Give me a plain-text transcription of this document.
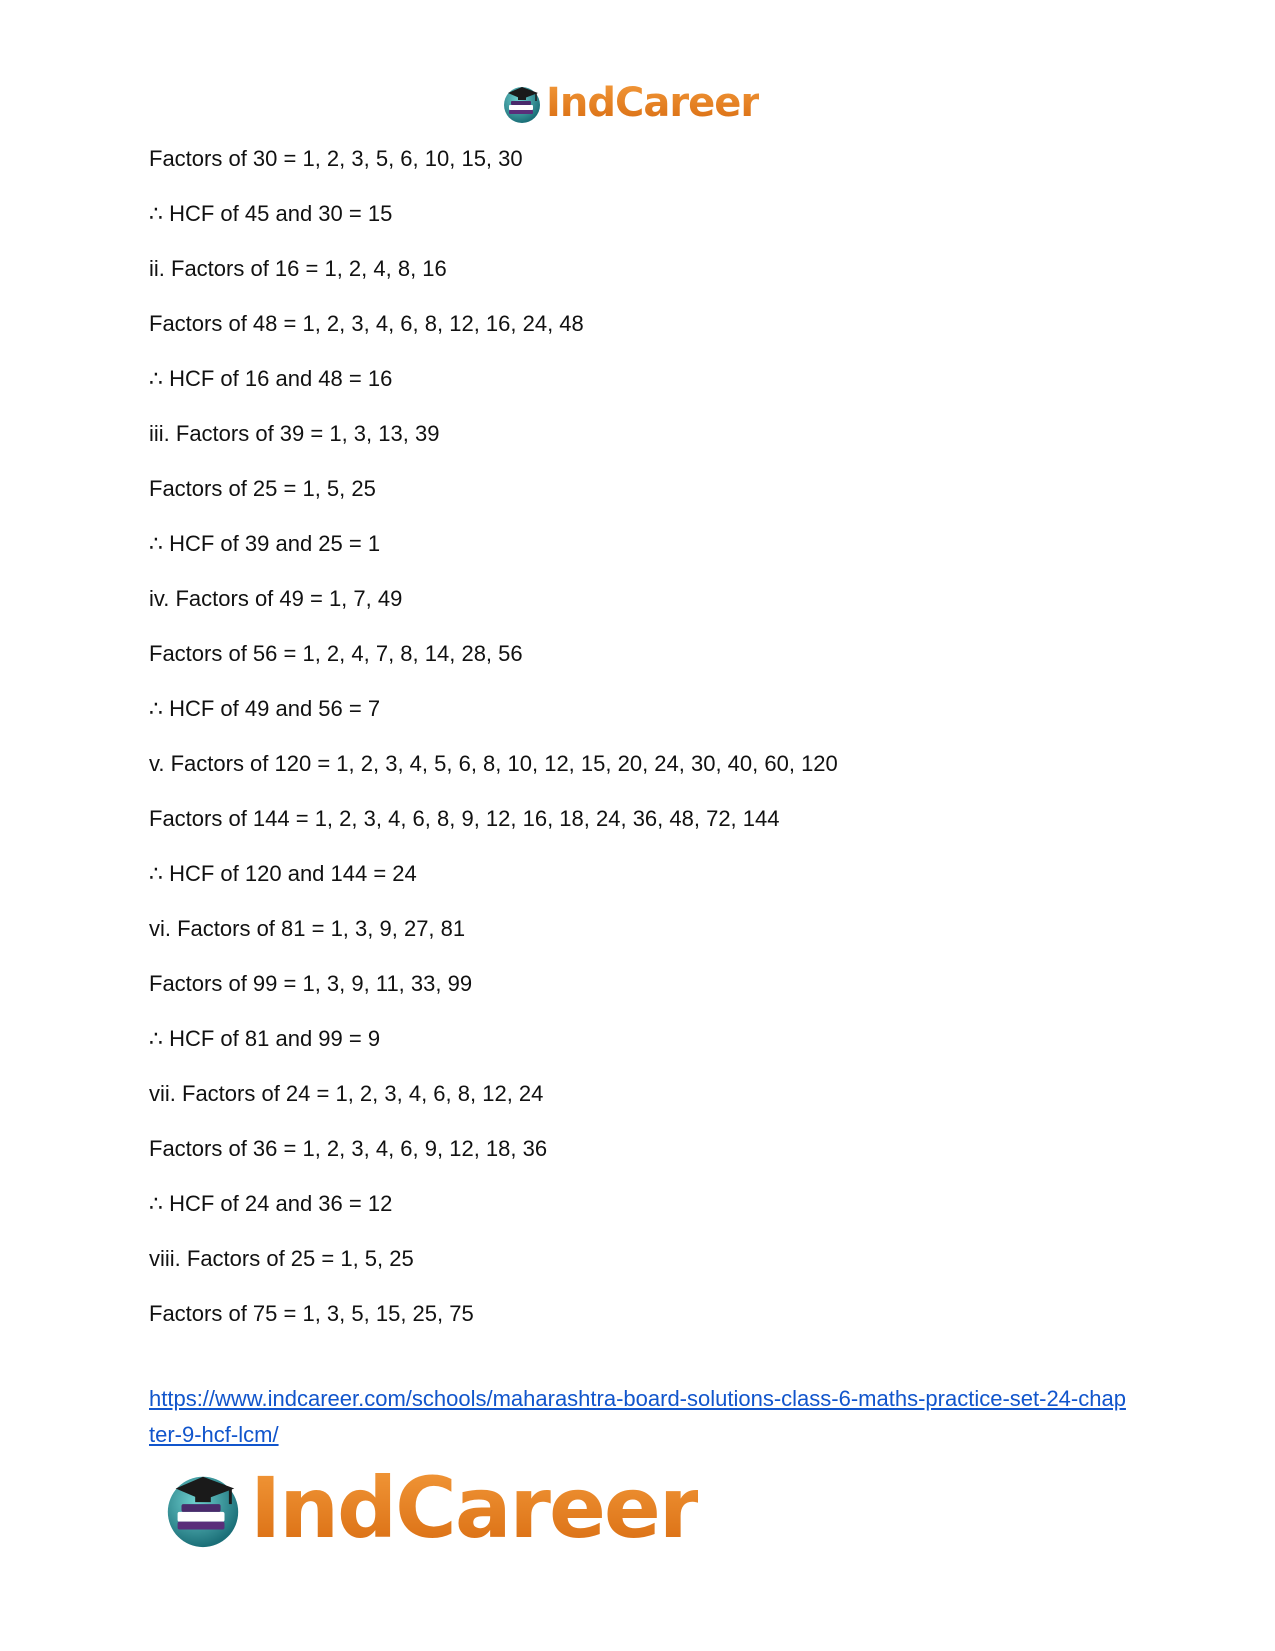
IndCareer
Factors of 30 = 1, 2, 3, 5, 6, 10, 15, 30
∴ HCF of 45 and 30 = 15
ii. Factors of 16 = 1, 2, 4, 8, 16
Factors of 48 = 1, 2, 3, 4, 6, 8, 12, 16, 24, 48
∴ HCF of 16 and 48 = 16
iii. Factors of 39 = 1, 3, 13, 39
Factors of 25 = 1, 5, 25
∴ HCF of 39 and 25 = 1
iv. Factors of 49 = 1, 7, 49
Factors of 56 = 1, 2, 4, 7, 8, 14, 28, 56
∴ HCF of 49 and 56 = 7
v. Factors of 120 = 1, 2, 3, 4, 5, 6, 8, 10, 12, 15, 20, 24, 30, 40, 60, 120
Factors of 144 = 1, 2, 3, 4, 6, 8, 9, 12, 16, 18, 24, 36, 48, 72, 144
∴ HCF of 120 and 144 = 24
vi. Factors of 81 = 1, 3, 9, 27, 81
Factors of 99 = 1, 3, 9, 11, 33, 99
∴ HCF of 81 and 99 = 9
vii. Factors of 24 = 1, 2, 3, 4, 6, 8, 12, 24
Factors of 36 = 1, 2, 3, 4, 6, 9, 12, 18, 36
∴ HCF of 24 and 36 = 12
viii. Factors of 25 = 1, 5, 25
Factors of 75 = 1, 3, 5, 15, 25, 75
https://www.indcareer.com/schools/maharashtra-board-solutions-class-6-maths-practice-set-24-chapter-9-hcf-lcm/
IndCareer
